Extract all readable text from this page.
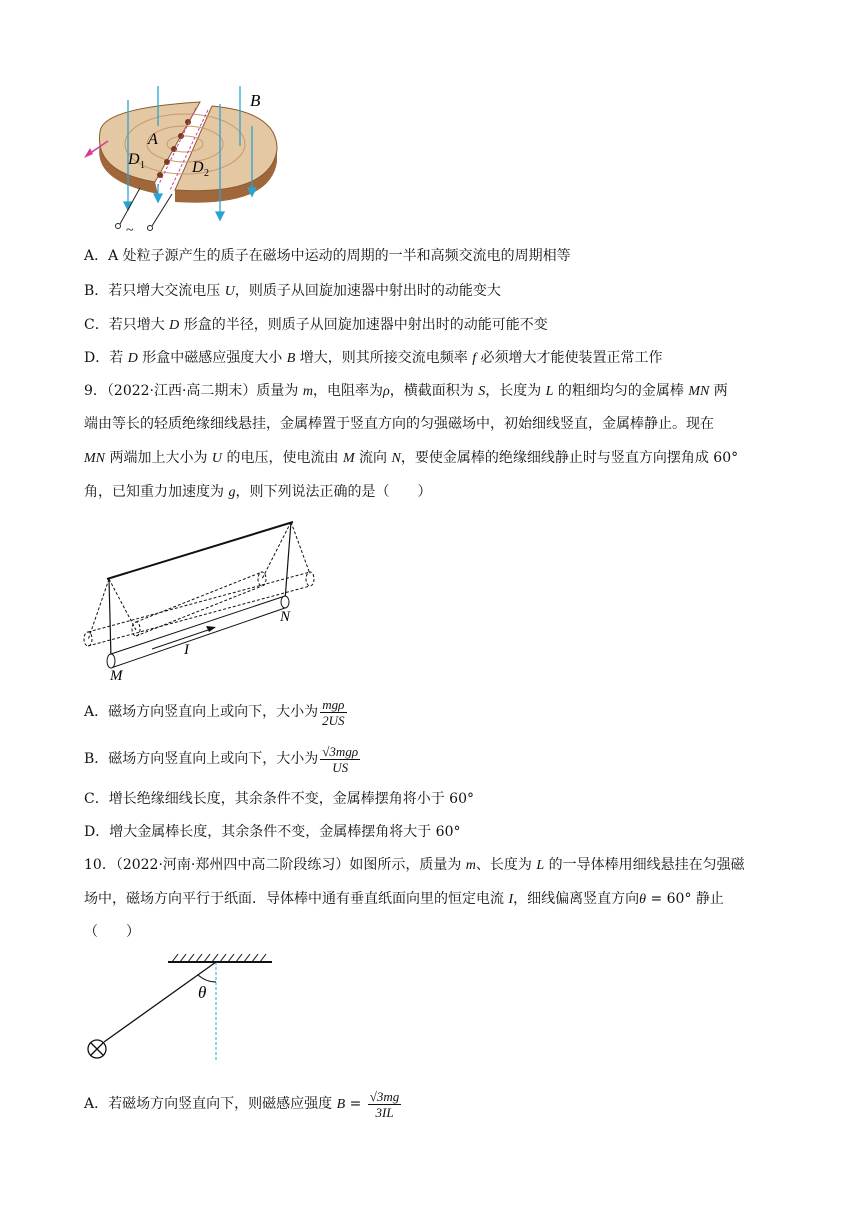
~
B
A
D 1	D 2
A．A 处粒子源产生的质子在磁场中运动的周期的一半和高频交流电的周期相等
B．若只增大交流电压 U，则质子从回旋加速器中射出时的动能变大
C．若只增大 D 形盒的半径，则质子从回旋加速器中射出时的动能可能不变
D．若 D 形盒中磁感应强度大小 B 增大，则其所接交流电频率 f 必须增大才能使装置正常工作
9．（2022·江西·高二期末）质量为 m，电阻率为ρ，横截面积为 S，长度为 L 的粗细均匀的金属棒 MN 两
端由等长的轻质绝缘细线悬挂，金属棒置于竖直方向的匀强磁场中，初始细线竖直，金属棒静止。现在
MN 两端加上大小为 U 的电压，使电流由 M 流向 N，要使金属棒的绝缘细线静止时与竖直方向摆角成 60°
角，已知重力加速度为 g，则下列说法正确的是（　　）
I
M
N
A．磁场方向竖直向上或向下，大小为 $\frac{\text{mgρ}}{2US}$
B．磁场方向竖直向上或向下，大小为 $\frac{\text{√3mgρ}}{US}$
C．增长绝缘细线长度，其余条件不变，金属棒摆角将小于 60°
D．增大金属棒长度，其余条件不变，金属棒摆角将大于 60°
10．（2022·河南·郑州四中高二阶段练习）如图所示，质量为 m、长度为 L 的一导体棒用细线悬挂在匀强磁
场中，磁场方向平行于纸面．导体棒中通有垂直纸面向里的恒定电流 I，细线偏离竖直方向θ = 60° 静止
（　　）
θ
A．若磁场方向竖直向下，则磁感应强度 $B = \frac{√3mg}{3IL}$
